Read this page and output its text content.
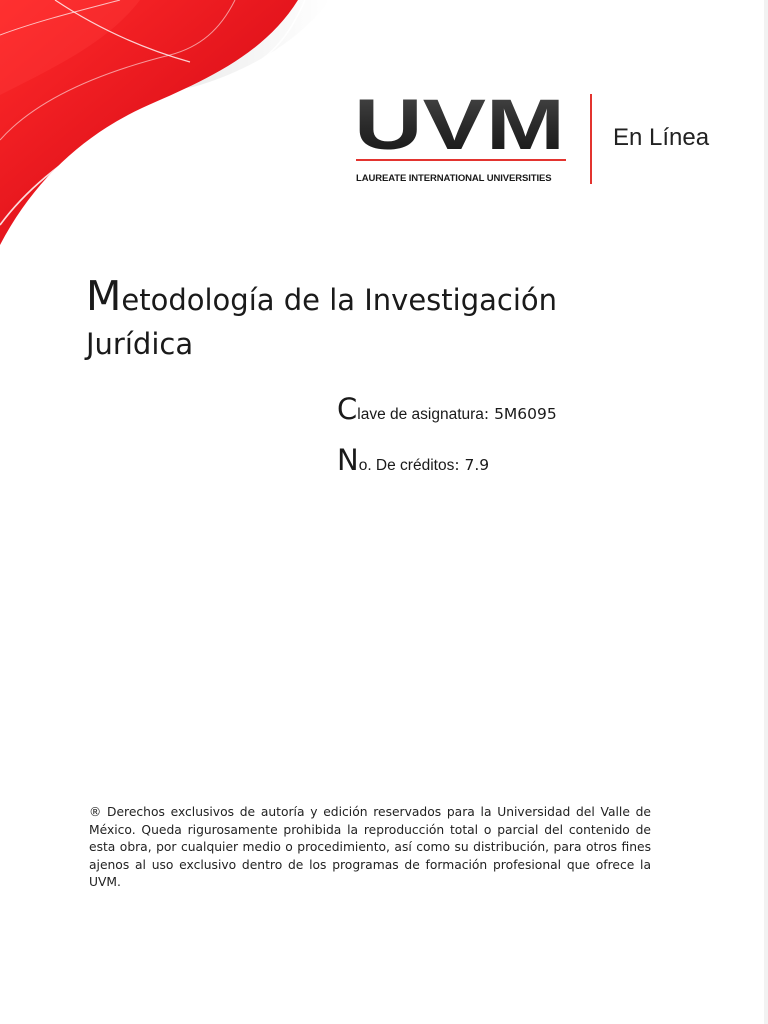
UVM
LAUREATE INTERNATIONAL UNIVERSITIES
En Línea
Metodología de la Investigación
Jurídica
Clave de asignatura: 5M6095
No. De créditos: 7.9

® Derechos exclusivos de autoría y edición reservados para la Universidad del Valle de México. Queda rigurosamente prohibida la reproducción total o parcial del contenido de esta obra, por cualquier medio o procedimiento, así como su distribución, para otros fines ajenos al uso exclusivo dentro de los programas de formación profesional que ofrece la UVM.
